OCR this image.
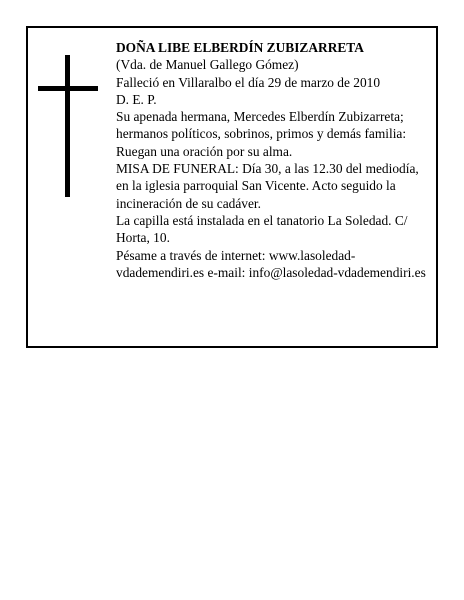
DOÑA LIBE ELBERDÍN ZUBIZARRETA

(Vda. de Manuel Gallego Gómez)

Falleció en Villaralbo el día 29 de marzo de 2010

D. E. P.

Su apenada hermana, Mercedes Elberdín Zubizarreta; hermanos políticos, sobrinos, primos y demás familia:

Ruegan una oración por su alma.

MISA DE FUNERAL: Día 30, a las 12.30 del mediodía, en la iglesia parroquial San Vicente. Acto seguido la incineración de su cadáver.

La capilla está instalada en el tanatorio La Soledad. C/ Horta, 10.

Pésame a través de internet: www.lasoledad-vdademendiri.es e-mail: info@lasoledad-vdademendiri.es
